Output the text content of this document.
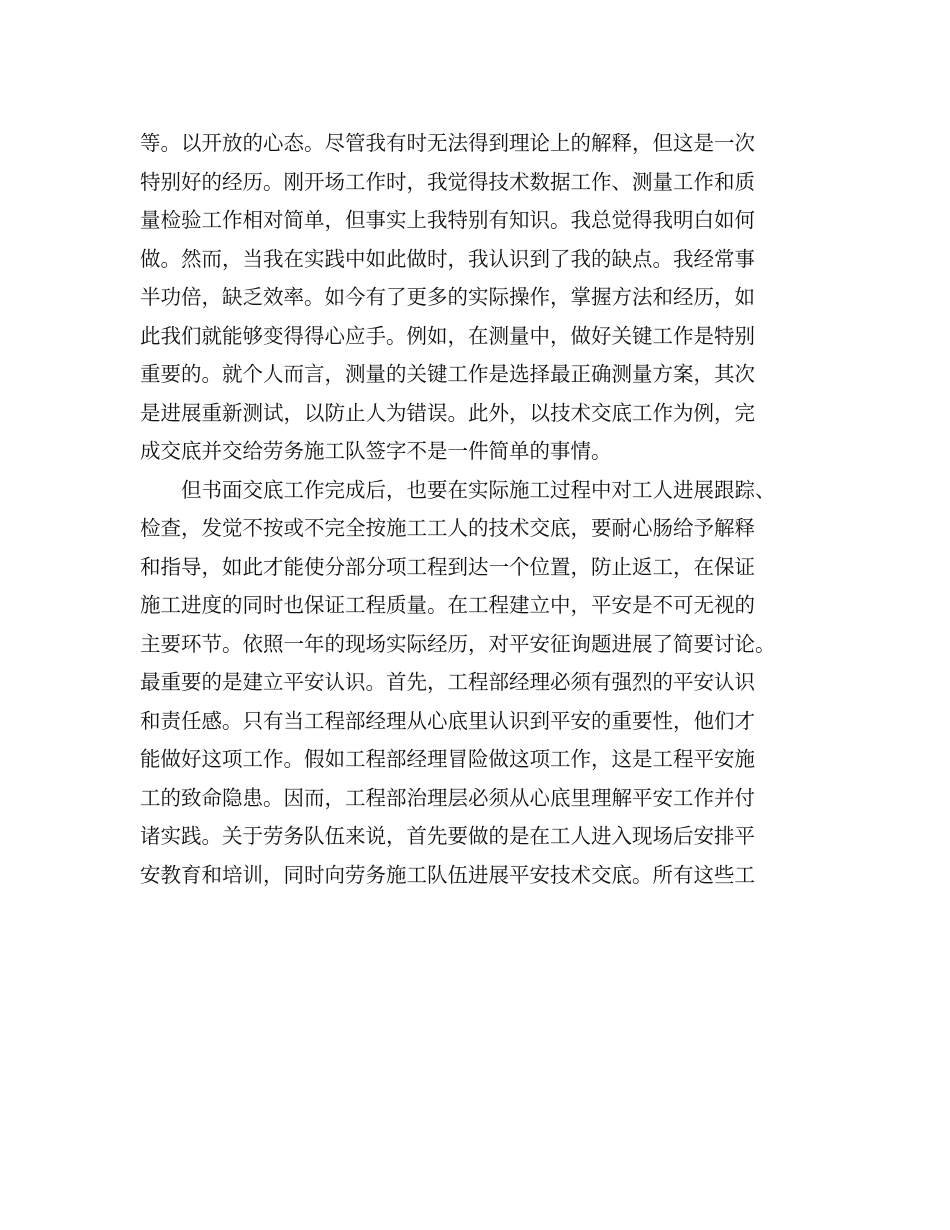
等。以开放的心态。尽管我有时无法得到理论上的解释，但这是一次
特别好的经历。刚开场工作时，我觉得技术数据工作、测量工作和质
量检验工作相对简单，但事实上我特别有知识。我总觉得我明白如何
做。然而，当我在实践中如此做时，我认识到了我的缺点。我经常事
半功倍，缺乏效率。如今有了更多的实际操作，掌握方法和经历，如
此我们就能够变得得心应手。例如，在测量中，做好关键工作是特别
重要的。就个人而言，测量的关键工作是选择最正确测量方案，其次
是进展重新测试，以防止人为错误。此外，以技术交底工作为例，完
成交底并交给劳务施工队签字不是一件简单的事情。
　　但书面交底工作完成后，也要在实际施工过程中对工人进展跟踪、
检查，发觉不按或不完全按施工工人的技术交底，要耐心肠给予解释
和指导，如此才能使分部分项工程到达一个位置，防止返工，在保证
施工进度的同时也保证工程质量。在工程建立中，平安是不可无视的
主要环节。依照一年的现场实际经历，对平安征询题进展了简要讨论。
最重要的是建立平安认识。首先，工程部经理必须有强烈的平安认识
和责任感。只有当工程部经理从心底里认识到平安的重要性，他们才
能做好这项工作。假如工程部经理冒险做这项工作，这是工程平安施
工的致命隐患。因而，工程部治理层必须从心底里理解平安工作并付
诸实践。关于劳务队伍来说，首先要做的是在工人进入现场后安排平
安教育和培训，同时向劳务施工队伍进展平安技术交底。所有这些工
